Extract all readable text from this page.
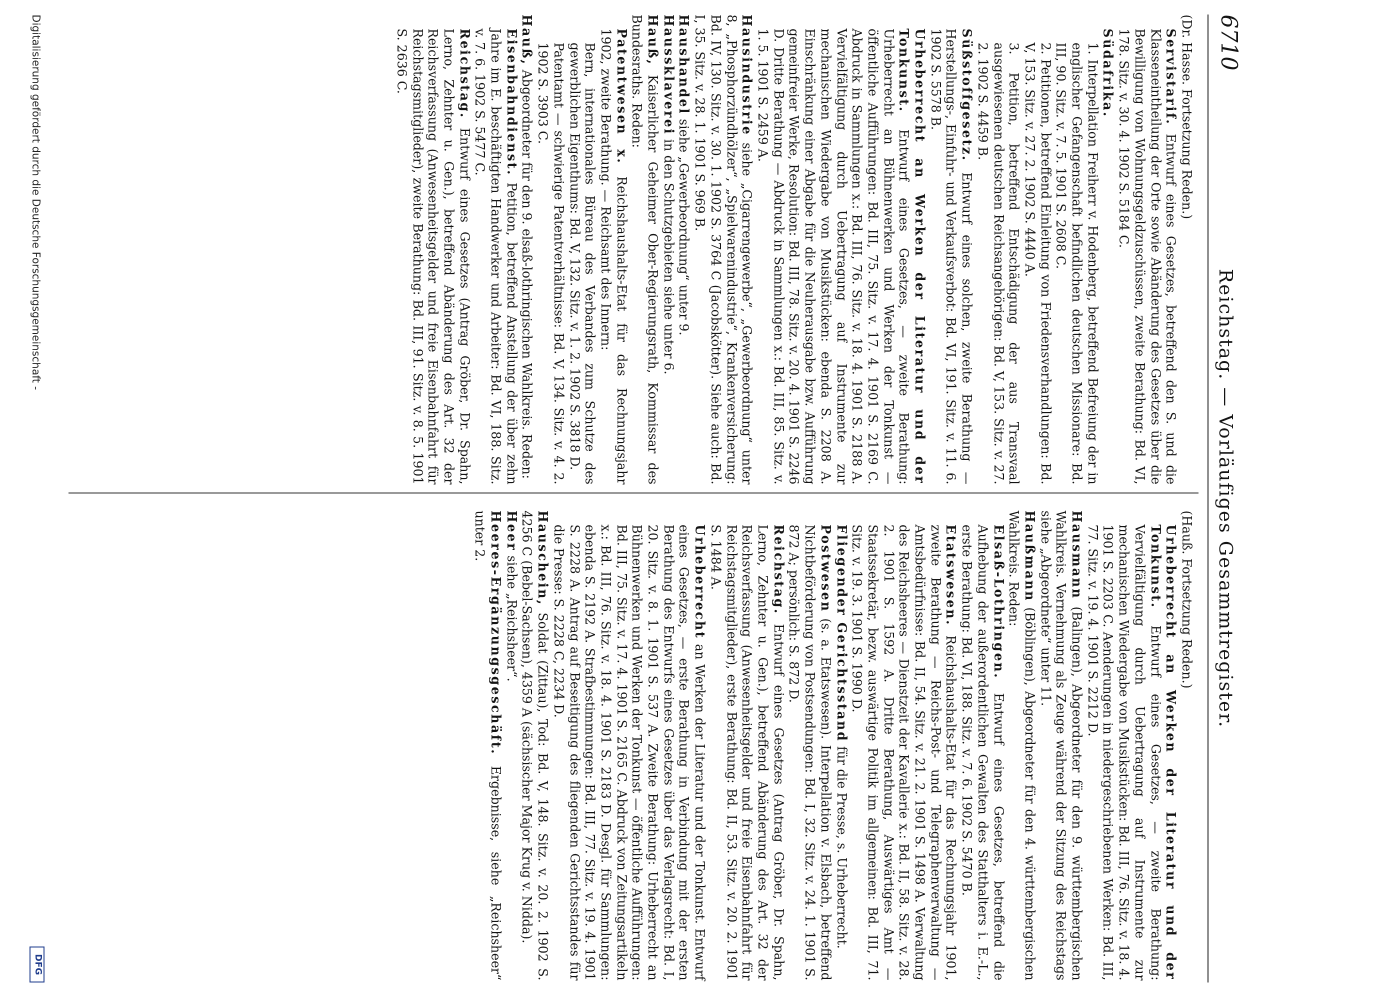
6710
Reichstag. — Vorläufiges Gesammtregister.

(Dr. Hasse. Fortsetzung Reden.)

Servistarif. Entwurf eines Gesetzes, betreffend den S. und die Klasseneintheilung der Orte sowie Abänderung des Gesetzes über die Bewilligung von Wohnungsgeldzuschüssen, zweite Berathung: Bd. VI, 178. Sitz. v. 30. 4. 1902 S. 5184 C.

Südafrika.

1. Interpellation Freiherr v. Hodenberg, betreffend Befreiung der in englischer Gefangenschaft befindlichen deutschen Missionare: Bd. III, 90. Sitz. v. 7. 5. 1901 S. 2608 C.

2. Petitionen, betreffend Einleitung von Friedensverhandlungen: Bd. V, 153. Sitz. v. 27. 2. 1902 S. 4440 A.

3. Petition, betreffend Entschädigung der aus Transvaal ausgewiesenen deutschen Reichsangehörigen: Bd. V, 153. Sitz. v. 27. 2. 1902 S. 4459 B.

Süßstoffgesetz. Entwurf eines solchen, zweite Berathung — Herstellungs-, Einfuhr- und Verkaufsverbot: Bd. VI, 191. Sitz. v. 11. 6. 1902 S. 5578 B.

Urheberrecht an Werken der Literatur und der Tonkunst. Entwurf eines Gesetzes, — zweite Berathung: Urheberrecht an Bühnenwerken und Werken der Tonkunst — öffentliche Aufführungen: Bd. III, 75. Sitz. v. 17. 4. 1901 S. 2169 C. Abdruck in Sammlungen x.: Bd. III, 76. Sitz. v. 18. 4. 1901 S. 2188 A. Vervielfältigung durch Uebertragung auf Instrumente zur mechanischen Wiedergabe von Musikstücken: ebenda S. 2208 A. Einschränkung einer Abgabe für die Neuherausgabe bzw. Aufführung gemeinfreier Werke, Resolution: Bd. III, 78. Sitz. v. 20. 4. 1901 S. 2246 D. Dritte Berathung — Abdruck in Sammlungen x.: Bd. III, 85. Sitz. v. 1. 5. 1901 S. 2459 A.

Hausindustrie siehe „Cigarrengewerbe“, „Gewerbeordnung“ unter 8, „Phosphorzündhölzer“, „Spielwarenindustrie“, Krankenversicherung: Bd. IV, 130. Sitz. v. 30. 1. 1902 S. 3764 C (Jacobskötter). Siehe auch: Bd. I, 35. Sitz. v. 28. 1. 1901 S. 969 B.

Haushandel siehe „Gewerbeordnung“ unter 9.

Haussklaverei in den Schutzgebieten siehe unter 6.

Hauß, Kaiserlicher Geheimer Ober-Regierungsrath, Kommissar des Bundesraths. Reden:

Patentwesen x. Reichshaushalts-Etat für das Rechnungsjahr 1902, zweite Berathung. — Reichsamt des Innern:

Bern, internationales Büreau des Verbandes zum Schutze des gewerblichen Eigenthums: Bd. V, 132. Sitz. v. 1. 2. 1902 S. 3818 D.

Patentamt — schwierige Patentverhältnisse: Bd. V, 134. Sitz. v. 4. 2. 1902 S. 3903 C.

Hauß, Abgeordneter für den 9. elsaß-lothringischen Wahlkreis. Reden:

Eisenbahndienst. Petition, betreffend Anstellung der über zehn Jahre im E. beschäftigten Handwerker und Arbeiter: Bd. VI, 188. Sitz. v. 7. 6. 1902 S. 5477 C.

Reichstag. Entwurf eines Gesetzes (Antrag Gröber, Dr. Spahn, Lerno, Zehnter u. Gen.), betreffend Abänderung des Art. 32 der Reichsverfassung (Anwesenheitsgelder und freie Eisenbahnfahrt für Reichstagsmitglieder), zweite Berathung: Bd. III, 91. Sitz. v. 8. 5. 1901 S. 2636 C.

(Hauß. Fortsetzung Reden.)

Urheberrecht an Werken der Literatur und der Tonkunst. Entwurf eines Gesetzes, — zweite Berathung: Vervielfältigung durch Uebertragung auf Instrumente zur mechanischen Wiedergabe von Musikstücken: Bd. III, 76. Sitz. v. 18. 4. 1901 S. 2203 C. Aenderungen in niedergeschriebenen Werken: Bd. III, 77. Sitz. v. 19. 4. 1901 S. 2212 D.

Hausmann (Balingen), Abgeordneter für den 9. württembergischen Wahlkreis. Vernehmung als Zeuge während der Sitzung des Reichstags siehe „Abgeordnete“ unter 11.

Haußmann (Böblingen), Abgeordneter für den 4. württembergischen Wahlkreis. Reden:

Elsaß-Lothringen. Entwurf eines Gesetzes, betreffend die Aufhebung der außerordentlichen Gewalten des Statthalters i. E.-L., erste Berathung: Bd. VI, 188. Sitz. v. 7. 6. 1902 S. 5470 B.

Etatswesen. Reichshaushalts-Etat für das Rechnungsjahr 1901, zweite Berathung — Reichs-Post- und Telegraphenverwaltung — Amtsbedürfnisse: Bd. II, 54. Sitz. v. 21. 2. 1901 S. 1498 A. Verwaltung des Reichsheeres — Dienstzeit der Kavallerie x.: Bd. II, 58. Sitz. v. 28. 2. 1901 S. 1592 A. Dritte Berathung, Auswärtiges Amt — Staatssekretär, bezw. auswärtige Politik im allgemeinen: Bd. III, 71. Sitz. v. 19. 3. 1901 S. 1990 D.

Fliegender Gerichtsstand für die Presse, s. Urheberrecht.

Postwesen (s. a. Etatswesen). Interpellation v. Elsbach, betreffend Nichtbeförderung von Postsendungen: Bd. I, 32. Sitz. v. 24. 1. 1901 S. 872 A; persönlich: S. 872 D.

Reichstag. Entwurf eines Gesetzes (Antrag Gröber, Dr. Spahn, Lerno, Zehnter u. Gen.), betreffend Abänderung des Art. 32 der Reichsverfassung (Anwesenheitsgelder und freie Eisenbahnfahrt für Reichstagsmitglieder), erste Berathung: Bd. II, 53. Sitz. v. 20. 2. 1901 S. 1484 A.

Urheberrecht an Werken der Literatur und der Tonkunst. Entwurf eines Gesetzes, — erste Berathung in Verbindung mit der ersten Berathung des Entwurfs eines Gesetzes über das Verlagsrecht: Bd. I, 20. Sitz. v. 8. 1. 1901 S. 537 A. Zweite Berathung: Urheberrecht an Bühnenwerken und Werken der Tonkunst — öffentliche Aufführungen: Bd. III, 75. Sitz. v. 17. 4. 1901 S. 2165 C. Abdruck von Zeitungsartikeln x.: Bd. III, 76. Sitz. v. 18. 4. 1901 S. 2183 D. Desgl. für Sammlungen: ebenda S. 2192 A. Strafbestimmungen: Bd. III, 77. Sitz. v. 19. 4. 1901 S. 2228 A. Antrag auf Beseitigung des fliegenden Gerichtsstandes für die Presse: S. 2228 C, 2234 D.

Hauschein, Soldat (Zittau), Tod: Bd. V, 148. Sitz. v. 20. 2. 1902 S. 4256 C (Bebel-Sachsen), 4359 A (sächsischer Major Krug v. Nidda).

Heer siehe „Reichsheer“.

Heeres-Ergänzungsgeschäft. Ergebnisse, siehe „Reichsheer“ unter 2.

Digitalisierung gefördert durch die Deutsche Forschungsgemeinschaft -
DFG
